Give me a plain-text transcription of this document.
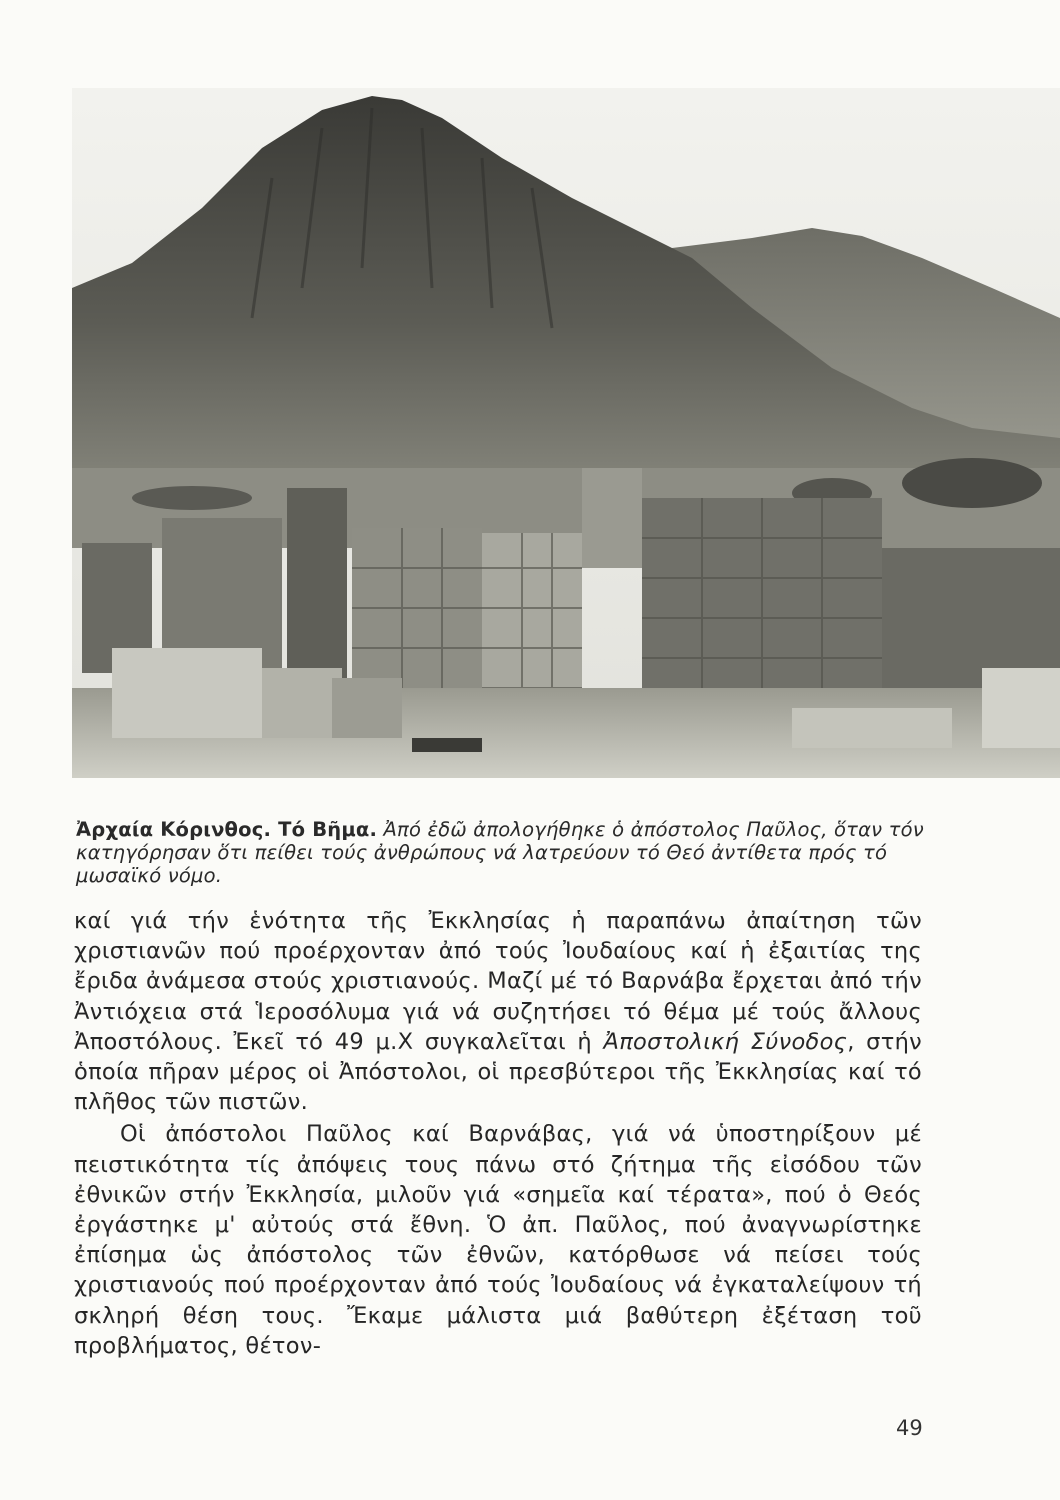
Ἀρχαία Κόρινθος. Τό Βῆμα. Ἀπό ἐδῶ ἀπολογήθηκε ὁ ἀπόστολος Παῦλος, ὅταν τόν κατηγόρησαν ὅτι πείθει τούς ἀνθρώπους νά λατρεύουν τό Θεό ἀντίθετα πρός τό μωσαϊκό νόμο.

καί γιά τήν ἑνότητα τῆς Ἐκκλησίας ἡ παραπάνω ἀπαίτηση τῶν χριστιανῶν πού προέρχονταν ἀπό τούς Ἰουδαίους καί ἡ ἐξαιτίας της ἔριδα ἀνάμεσα στούς χριστιανούς. Μαζί μέ τό Βαρνάβα ἔρχεται ἀπό τήν Ἀντιόχεια στά Ἱεροσόλυμα γιά νά συζητήσει τό θέμα μέ τούς ἄλλους Ἀποστόλους. Ἐκεῖ τό 49 μ.Χ συγκαλεῖται ἡ Ἀποστολική Σύνοδος, στήν ὁποία πῆραν μέρος οἱ Ἀπόστολοι, οἱ πρεσβύτεροι τῆς Ἐκκλησίας καί τό πλῆθος τῶν πιστῶν.

Οἱ ἀπόστολοι Παῦλος καί Βαρνάβας, γιά νά ὑποστηρίξουν μέ πειστικότητα τίς ἀπόψεις τους πάνω στό ζήτημα τῆς εἰσόδου τῶν ἐθνικῶν στήν Ἐκκλησία, μιλοῦν γιά «σημεῖα καί τέρατα», πού ὁ Θεός ἐργάστηκε μ' αὐτούς στά ἔθνη. Ὁ ἀπ. Παῦλος, πού ἀναγνωρίστηκε ἐπίσημα ὡς ἀπόστολος τῶν ἐθνῶν, κατόρθωσε νά πείσει τούς χριστιανούς πού προέρχονταν ἀπό τούς Ἰουδαίους νά ἐγκαταλείψουν τή σκληρή θέση τους. Ἔκαμε μάλιστα μιά βαθύτερη ἐξέταση τοῦ προβλήματος, θέτον-

49
